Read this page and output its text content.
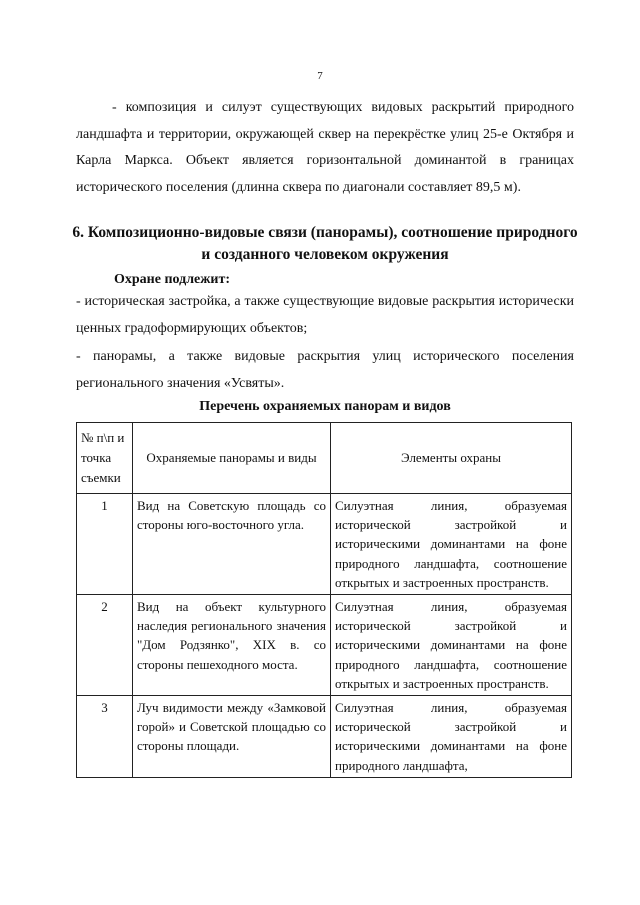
7

- композиция и силуэт существующих видовых раскрытий природного ландшафта и территории, окружающей сквер на перекрёстке улиц 25-е Октября и Карла Маркса. Объект является горизонтальной доминантой в границах исторического поселения (длинна сквера по диагонали составляет 89,5 м).

6. Композиционно-видовые связи (панорамы), соотношение природного и созданного человеком окружения

Охране подлежит:

- историческая застройка, а также существующие видовые раскрытия исторически ценных градоформирующих объектов;

- панорамы, а также видовые раскрытия улиц исторического поселения регионального значения «Усвяты».

Перечень охраняемых панорам и видов

№ п\п и точка съемки	Охраняемые панорамы и виды	Элементы охраны
1	Вид на Советскую площадь со стороны юго-восточного угла.	Силуэтная линия, образуемая исторической застройкой и историческими доминантами на фоне природного ландшафта, соотношение открытых и застроенных пространств.
2	Вид на объект культурного наследия регионального значения "Дом Родзянко", XIX в. со стороны пешеходного моста.	Силуэтная линия, образуемая исторической застройкой и историческими доминантами на фоне природного ландшафта, соотношение открытых и застроенных пространств.
3	Луч видимости между «Замковой горой» и Советской площадью со стороны площади.	Силуэтная линия, образуемая исторической застройкой и историческими доминантами на фоне природного ландшафта,
